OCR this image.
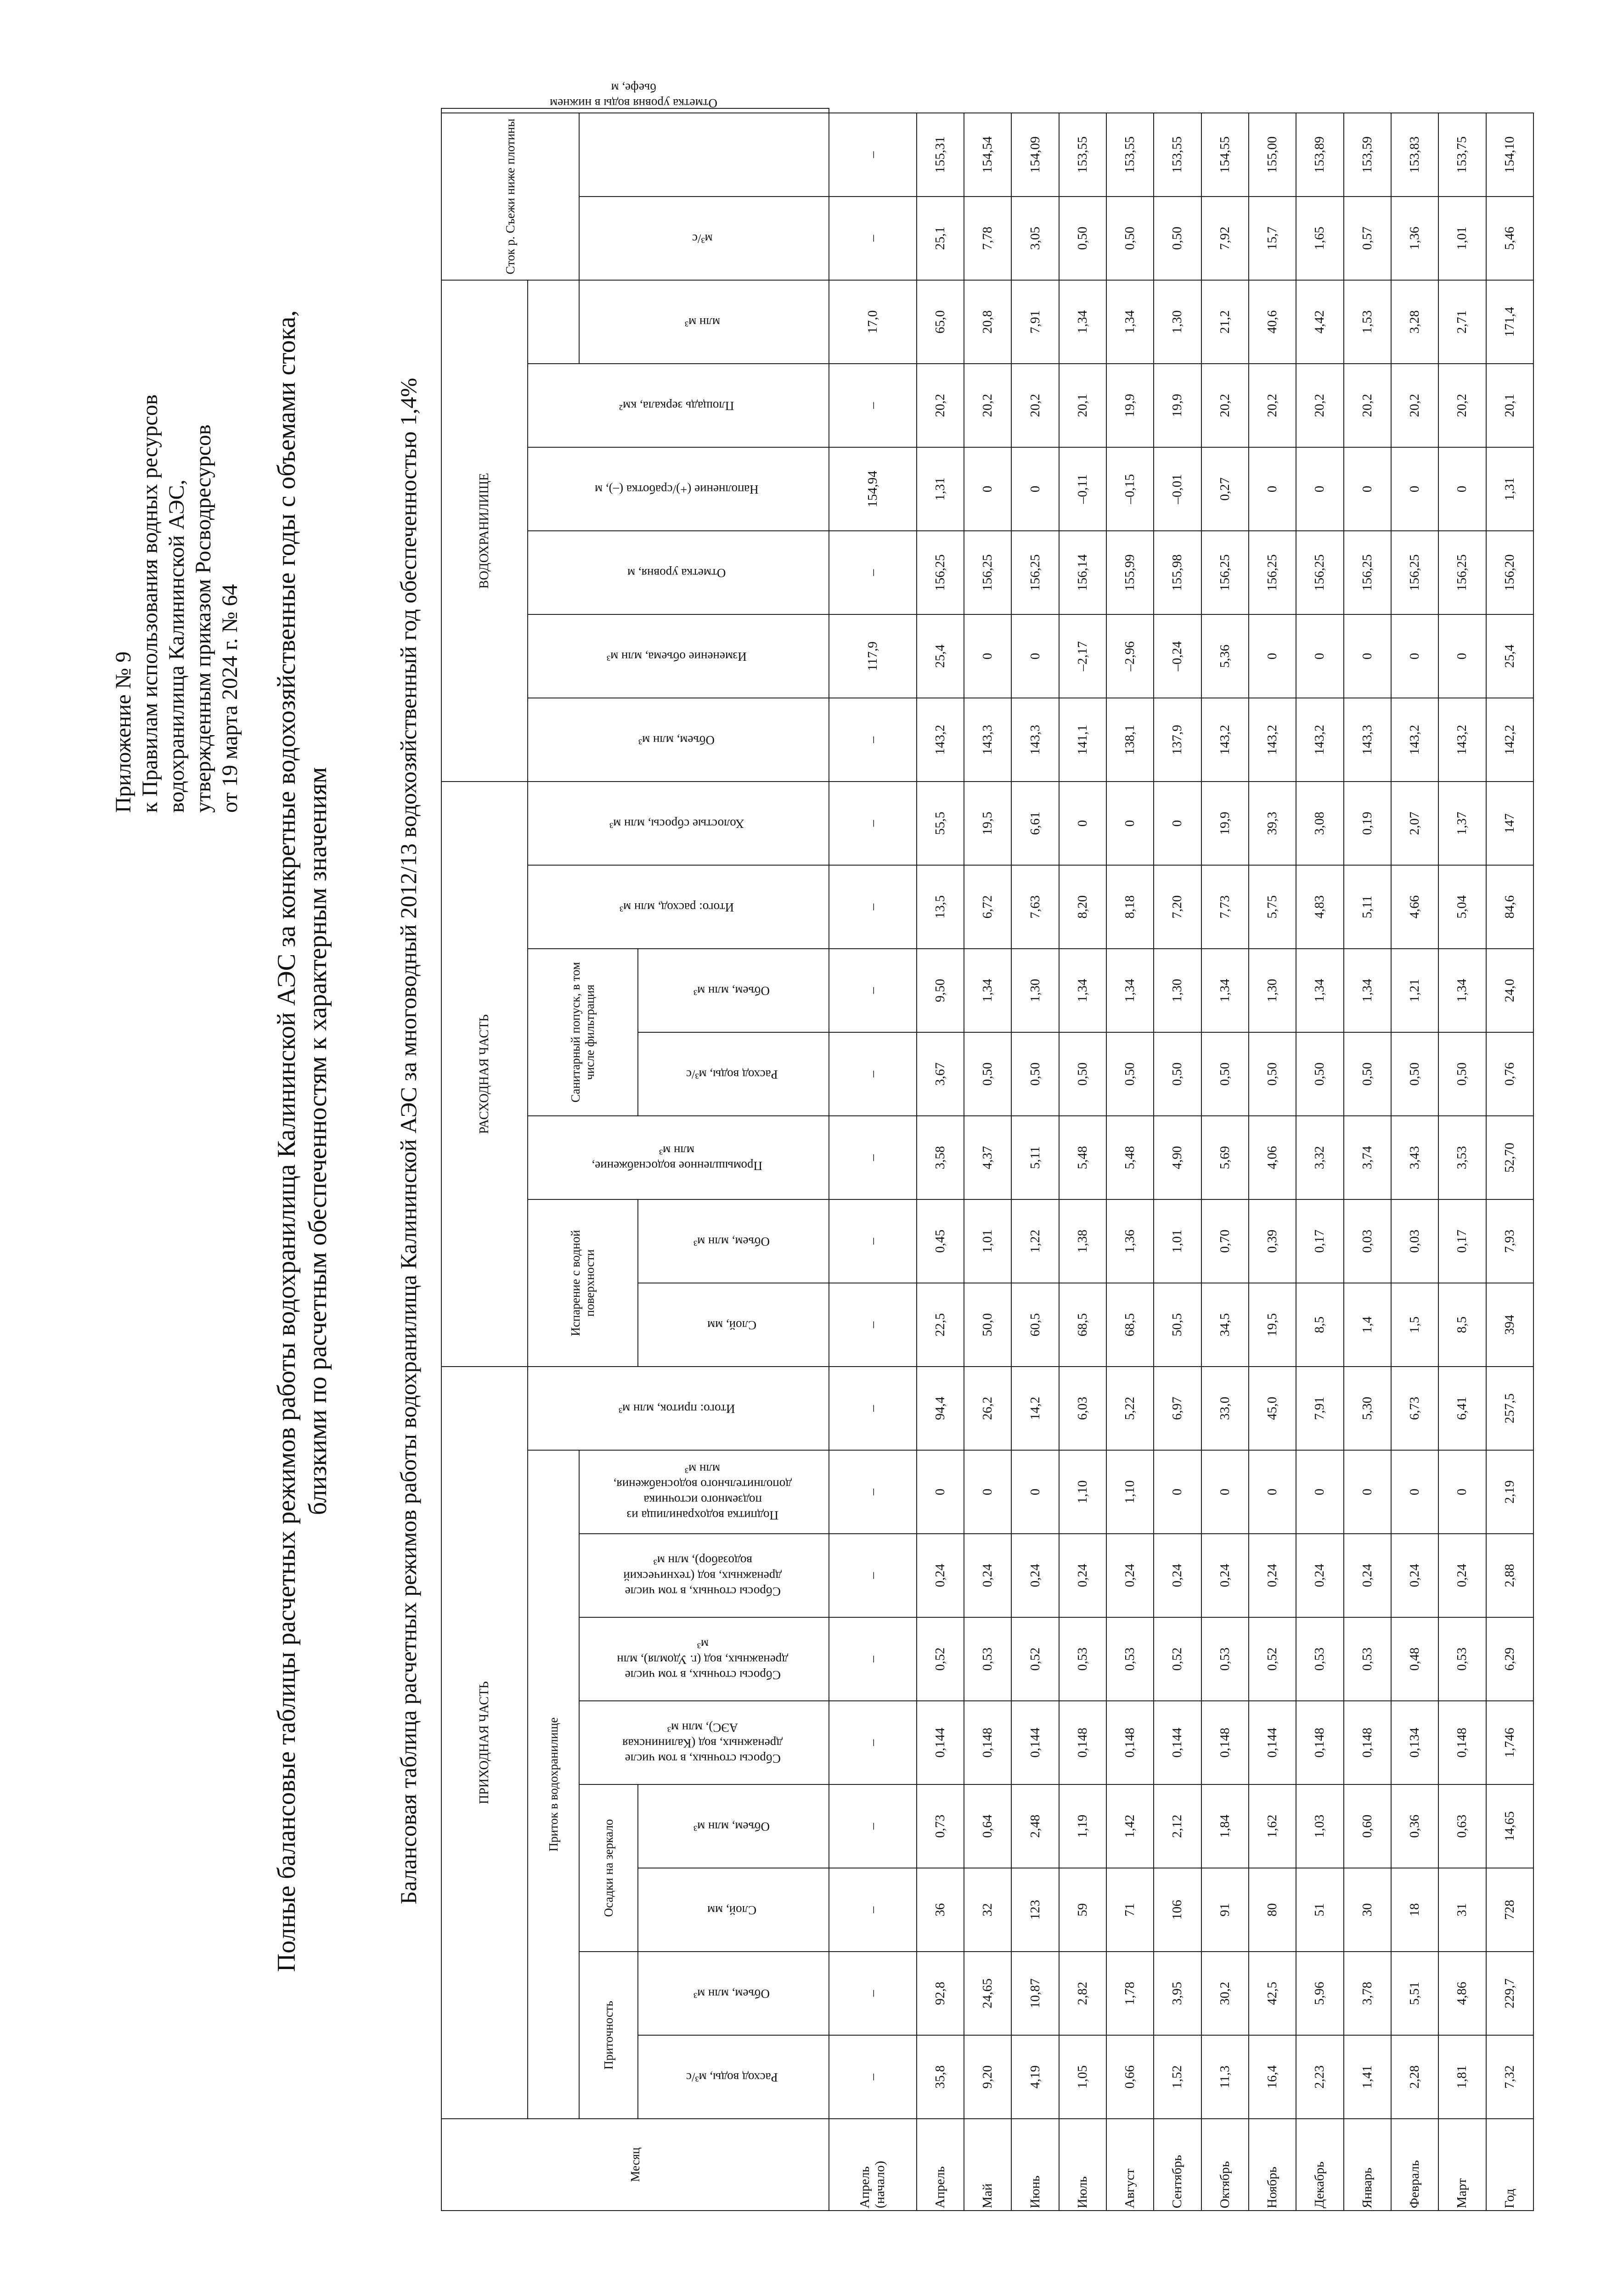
Приложение № 9 к Правилам использования водных ресурсов водохранилища Калининской АЭС, утвержденным приказом Росводресурсов от 19 марта 2024 г. № 64 Полные балансовые таблицы расчетных режимов работы водохранилища Калининской АЭС за конкретные водохозяйственные годы с объемами стока, близкими по расчетным обеспеченностям к характерным значениям	Балансовая таблица расчетных режимов работы водохранилища Калининской АЭС за многоводный 2012/13 водохозяйственный год обеспеченностью 1,4%
Месяц	ПРИХОДНАЯ ЧАСТЬ									РАСХОДНАЯ ЧАСТЬ							ВОДОХРАНИЛИЩЕ						Сток р. Съежи ниже плотины		Отметка уровня воды в нижнем бьефе, м
	Приток в водохранилище								Итого: приток, млн м³	Испарение с водной поверхности		Промышленное водоснабжение, млн м³	Санитарный попуск, в том числе фильтрация		Итого: расход, млн м³	Холостые сбросы, млн м³	Объем, млн м³	Изменение объема, млн м³	Отметка уровня, м	Наполнение (+)/сработка (–), м	Площадь зеркала, км²				
	Приточность		Осадки на зеркало		Сбросы сточных, в том числе дренажных, вод (Калининская АЭС), млн м³	Сбросы сточных, в том числе дренажных, вод (г. Удомля), млн м³	Сбросы сточных, в том числе дренажных, вод (технический водозабор), млн м³	Подпитка водохранилища из подземного источника дополнительного водоснабжения, млн м³														млн м³	м³/с		
	Расход воды, м³/с	Объем, млн м³	Слой, мм	Объем, млн м³						Слой, мм	Объем, млн м³		Расход воды, м³/с	Объем, млн м³											
Апрель (начало)	–	–	–	–	–	–	–	–	–	–	–	–	–	–	–	–	–	117,9	–	154,94	–	17,0	–	–	
Апрель	35,8	92,8	36	0,73	0,144	0,52	0,24	0	94,4	22,5	0,45	3,58	3,67	9,50	13,5	55,5	143,2	25,4	156,25	1,31	20,2	65,0	25,1	155,31	
Май	9,20	24,65	32	0,64	0,148	0,53	0,24	0	26,2	50,0	1,01	4,37	0,50	1,34	6,72	19,5	143,3	0	156,25	0	20,2	20,8	7,78	154,54	
Июнь	4,19	10,87	123	2,48	0,144	0,52	0,24	0	14,2	60,5	1,22	5,11	0,50	1,30	7,63	6,61	143,3	0	156,25	0	20,2	7,91	3,05	154,09	
Июль	1,05	2,82	59	1,19	0,148	0,53	0,24	1,10	6,03	68,5	1,38	5,48	0,50	1,34	8,20	0	141,1	–2,17	156,14	–0,11	20,1	1,34	0,50	153,55	
Август	0,66	1,78	71	1,42	0,148	0,53	0,24	1,10	5,22	68,5	1,36	5,48	0,50	1,34	8,18	0	138,1	–2,96	155,99	–0,15	19,9	1,34	0,50	153,55	
Сентябрь	1,52	3,95	106	2,12	0,144	0,52	0,24	0	6,97	50,5	1,01	4,90	0,50	1,30	7,20	0	137,9	–0,24	155,98	–0,01	19,9	1,30	0,50	153,55	
Октябрь	11,3	30,2	91	1,84	0,148	0,53	0,24	0	33,0	34,5	0,70	5,69	0,50	1,34	7,73	19,9	143,2	5,36	156,25	0,27	20,2	21,2	7,92	154,55	
Ноябрь	16,4	42,5	80	1,62	0,144	0,52	0,24	0	45,0	19,5	0,39	4,06	0,50	1,30	5,75	39,3	143,2	0	156,25	0	20,2	40,6	15,7	155,00	
Декабрь	2,23	5,96	51	1,03	0,148	0,53	0,24	0	7,91	8,5	0,17	3,32	0,50	1,34	4,83	3,08	143,2	0	156,25	0	20,2	4,42	1,65	153,89	
Январь	1,41	3,78	30	0,60	0,148	0,53	0,24	0	5,30	1,4	0,03	3,74	0,50	1,34	5,11	0,19	143,3	0	156,25	0	20,2	1,53	0,57	153,59	
Февраль	2,28	5,51	18	0,36	0,134	0,48	0,24	0	6,73	1,5	0,03	3,43	0,50	1,21	4,66	2,07	143,2	0	156,25	0	20,2	3,28	1,36	153,83	
Март	1,81	4,86	31	0,63	0,148	0,53	0,24	0	6,41	8,5	0,17	3,53	0,50	1,34	5,04	1,37	143,2	0	156,25	0	20,2	2,71	1,01	153,75	
Год	7,32	229,7	728	14,65	1,746	6,29	2,88	2,19	257,5	394	7,93	52,70	0,76	24,0	84,6	147	142,2	25,4	156,20	1,31	20,1	171,4	5,46	154,10	
